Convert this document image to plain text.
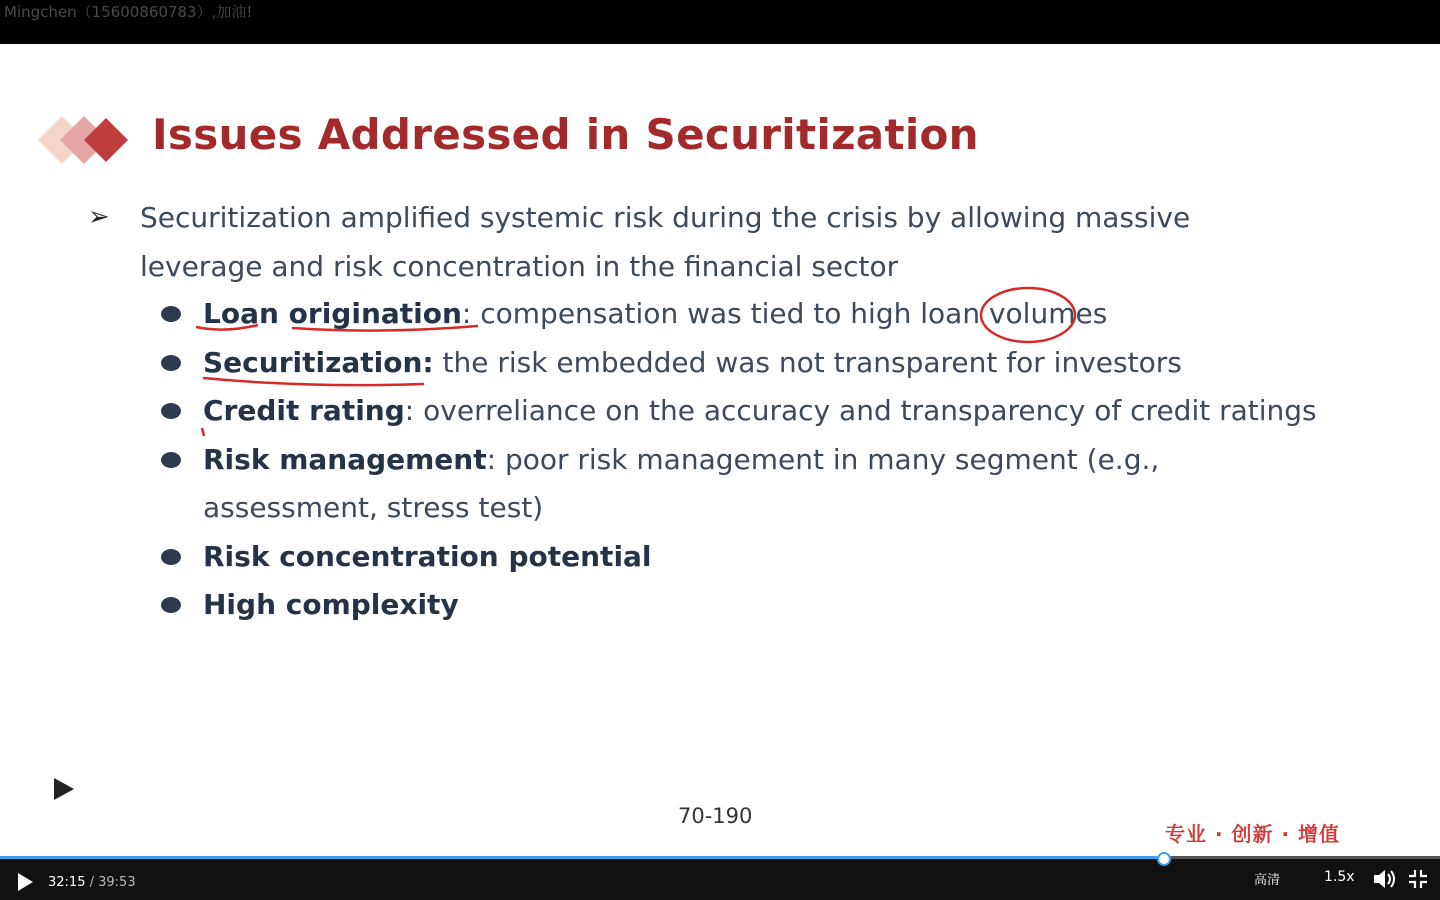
Mingchen（15600860783）,加油!
Issues Addressed in Securitization
➢ Securitization amplified systemic risk during the crisis by allowing massive leverage and risk concentration in the financial sector
Loan origination: compensation was tied to high loan volumes
Securitization: the risk embedded was not transparent for investors
Credit rating: overreliance on the accuracy and transparency of credit ratings
Risk management: poor risk management in many segment (e.g., assessment, stress test)
Risk concentration potential
High complexity
70-190
专业 · 创新 · 增值
32:15 / 39:53	高清	1.5x
